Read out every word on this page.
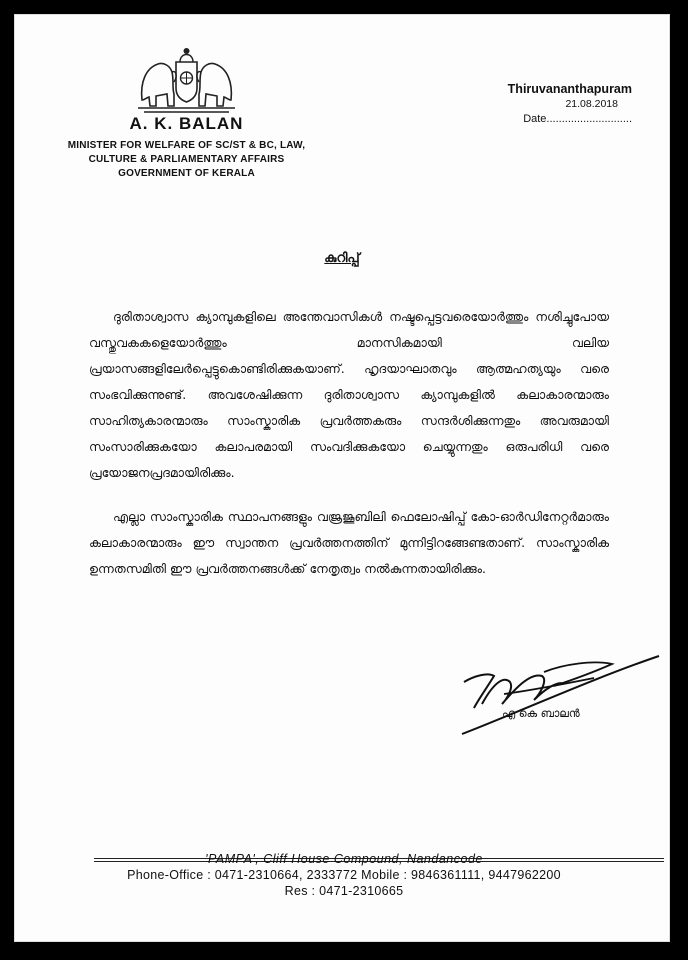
A. K. BALAN
MINISTER FOR WELFARE OF SC/ST & BC, LAW,
CULTURE & PARLIAMENTARY AFFAIRS
GOVERNMENT OF KERALA
Thiruvananthapuram
21.08.2018
Date............................
കുറിപ്പ്

ദുരിതാശ്വാസ ക്യാമ്പുകളിലെ അന്തേവാസികൾ നഷ്ടപ്പെട്ടവരെയോർത്തും നശിച്ചുപോയ വസ്തുവകകളെയോർത്തും മാനസികമായി വലിയ പ്രയാസങ്ങളിലേർപ്പെട്ടുകൊണ്ടിരിക്കുകയാണ്. ഹൃദയാഘാതവും ആത്മഹത്യയും വരെ സംഭവിക്കുന്നുണ്ട്. അവശേഷിക്കുന്ന ദുരിതാശ്വാസ ക്യാമ്പുകളിൽ കലാകാരന്മാരും സാഹിത്യകാരന്മാരും സാംസ്കാരിക പ്രവർത്തകരും സന്ദർശിക്കുന്നതും അവരുമായി സംസാരിക്കുകയോ കലാപരമായി സംവദിക്കുകയോ ചെയ്യുന്നതും ഒരുപരിധി വരെ പ്രയോജനപ്രദമായിരിക്കും.

എല്ലാ സാംസ്കാരിക സ്ഥാപനങ്ങളും വജ്രജൂബിലി ഫെലോഷിപ്പ് കോ-ഓർഡിനേറ്റർമാരും കലാകാരന്മാരും ഈ സ്വാന്തന പ്രവർത്തനത്തിന് മുന്നിട്ടിറങ്ങേണ്ടതാണ്. സാംസ്കാരിക ഉന്നതസമിതി ഈ പ്രവർത്തനങ്ങൾക്ക് നേതൃത്വം നൽകുന്നതായിരിക്കും.

എ കെ ബാലൻ
'PAMPA', Cliff House Compound, Nandancode
Phone-Office : 0471-2310664, 2333772 Mobile : 9846361111, 9447962200
Res : 0471-2310665
